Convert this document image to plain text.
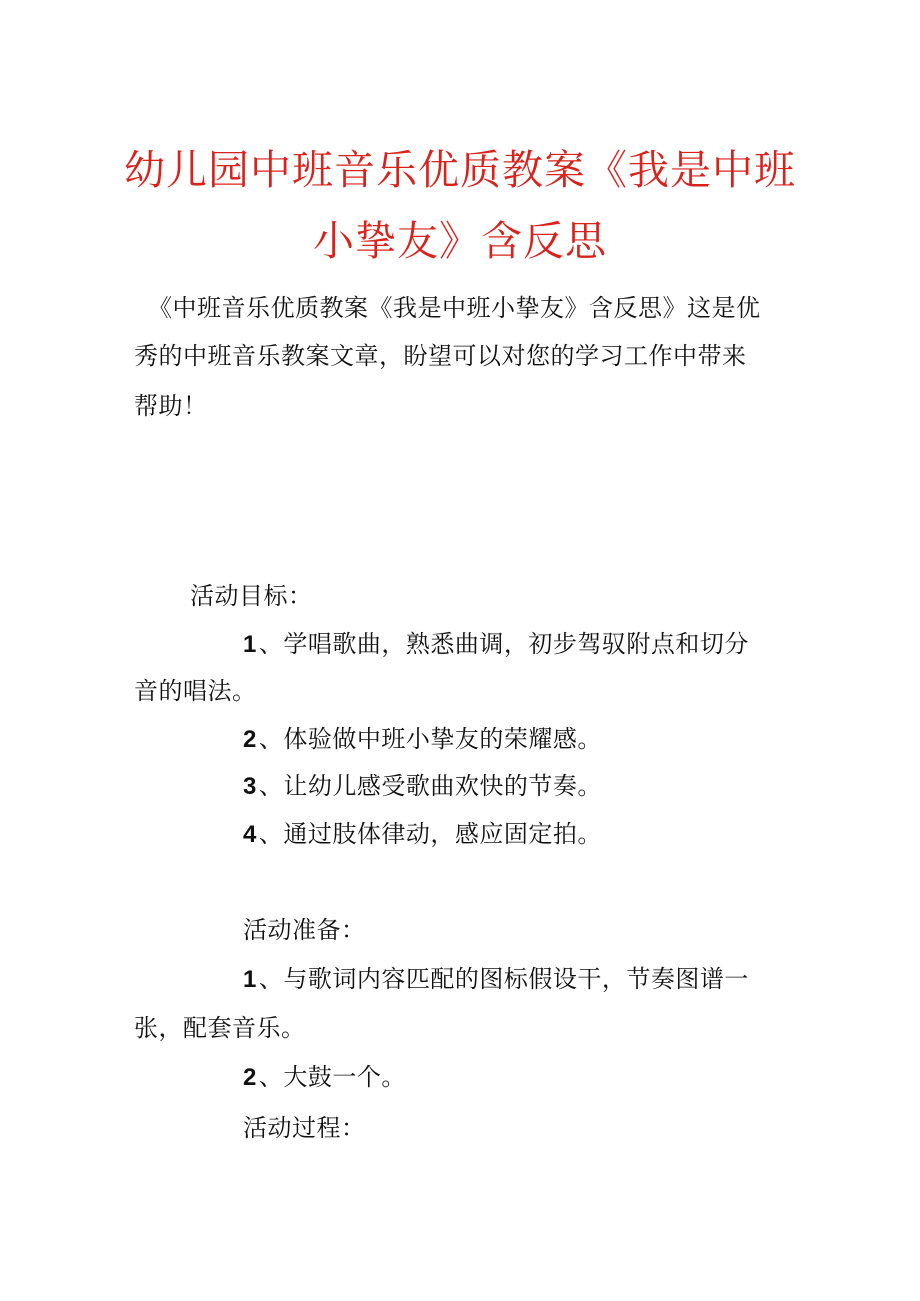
幼儿园中班音乐优质教案《我是中班
小挚友》含反思

《中班音乐优质教案《我是中班小挚友》含反思》这是优

秀的中班音乐教案文章，盼望可以对您的学习工作中带来

帮助！

活动目标：

1、学唱歌曲，熟悉曲调，初步驾驭附点和切分

音的唱法。

2、体验做中班小挚友的荣耀感。

3、让幼儿感受歌曲欢快的节奏。

4、通过肢体律动，感应固定拍。

活动准备：

1、与歌词内容匹配的图标假设干，节奏图谱一

张，配套音乐。

2、大鼓一个。

活动过程：
